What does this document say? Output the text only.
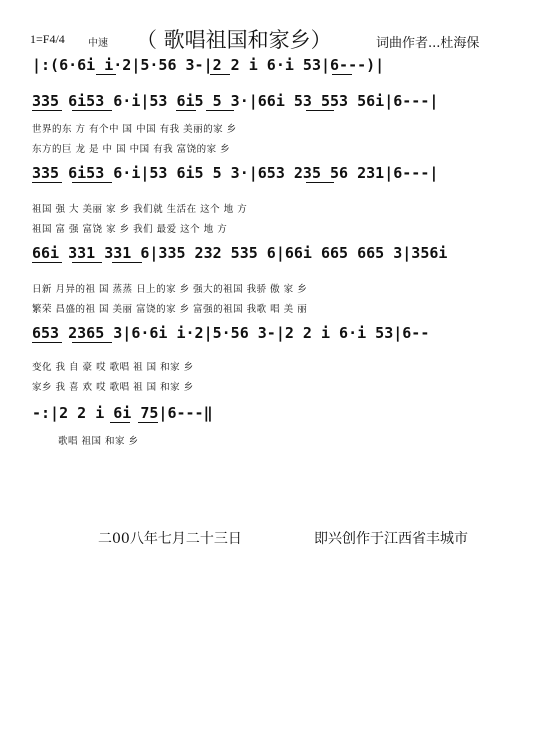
1=F4/4 中速 （ 歌唱祖国和家乡）	词曲作者...杜海保
|:(6·6i i·2|5·56 3-|2 2 i 6·i 53|6---)|
335 6i53 6·i|53 6i5 5 3·|66i 53 553 56i|6---|
世界的东 方 有个中 国 中国 有我 美丽的家 乡
东方的巨 龙 是 中 国 中国 有我 富饶的家 乡
335 6i53 6·i|53 6i5 5 3·|653 235 56 231|6---|
祖国 强 大 美丽 家 乡 我们就 生活在 这个 地 方
祖国 富 强 富饶 家 乡 我们 最爱 这个 地 方
66i 331 331 6|335 232 535 6|66i 665 665 3|356i
日新 月异的祖 国 蒸蒸 日上的家 乡 强大的祖国 我骄 傲 家 乡
繁荣 昌盛的祖 国 美丽 富饶的家 乡 富强的祖国 我歌 唱 美 丽
653 2365 3|6·6i i·2|5·56 3-|2 2 i 6·i 53|6--
变化 我 自 豪 哎 歌唱 祖 国 和家 乡
家乡 我 喜 欢 哎 歌唱 祖 国 和家 乡
-:|2 2 i 6i 75|6---‖
歌唱 祖国 和家 乡
二00八年七月二十三日	即兴创作于江西省丰城市
